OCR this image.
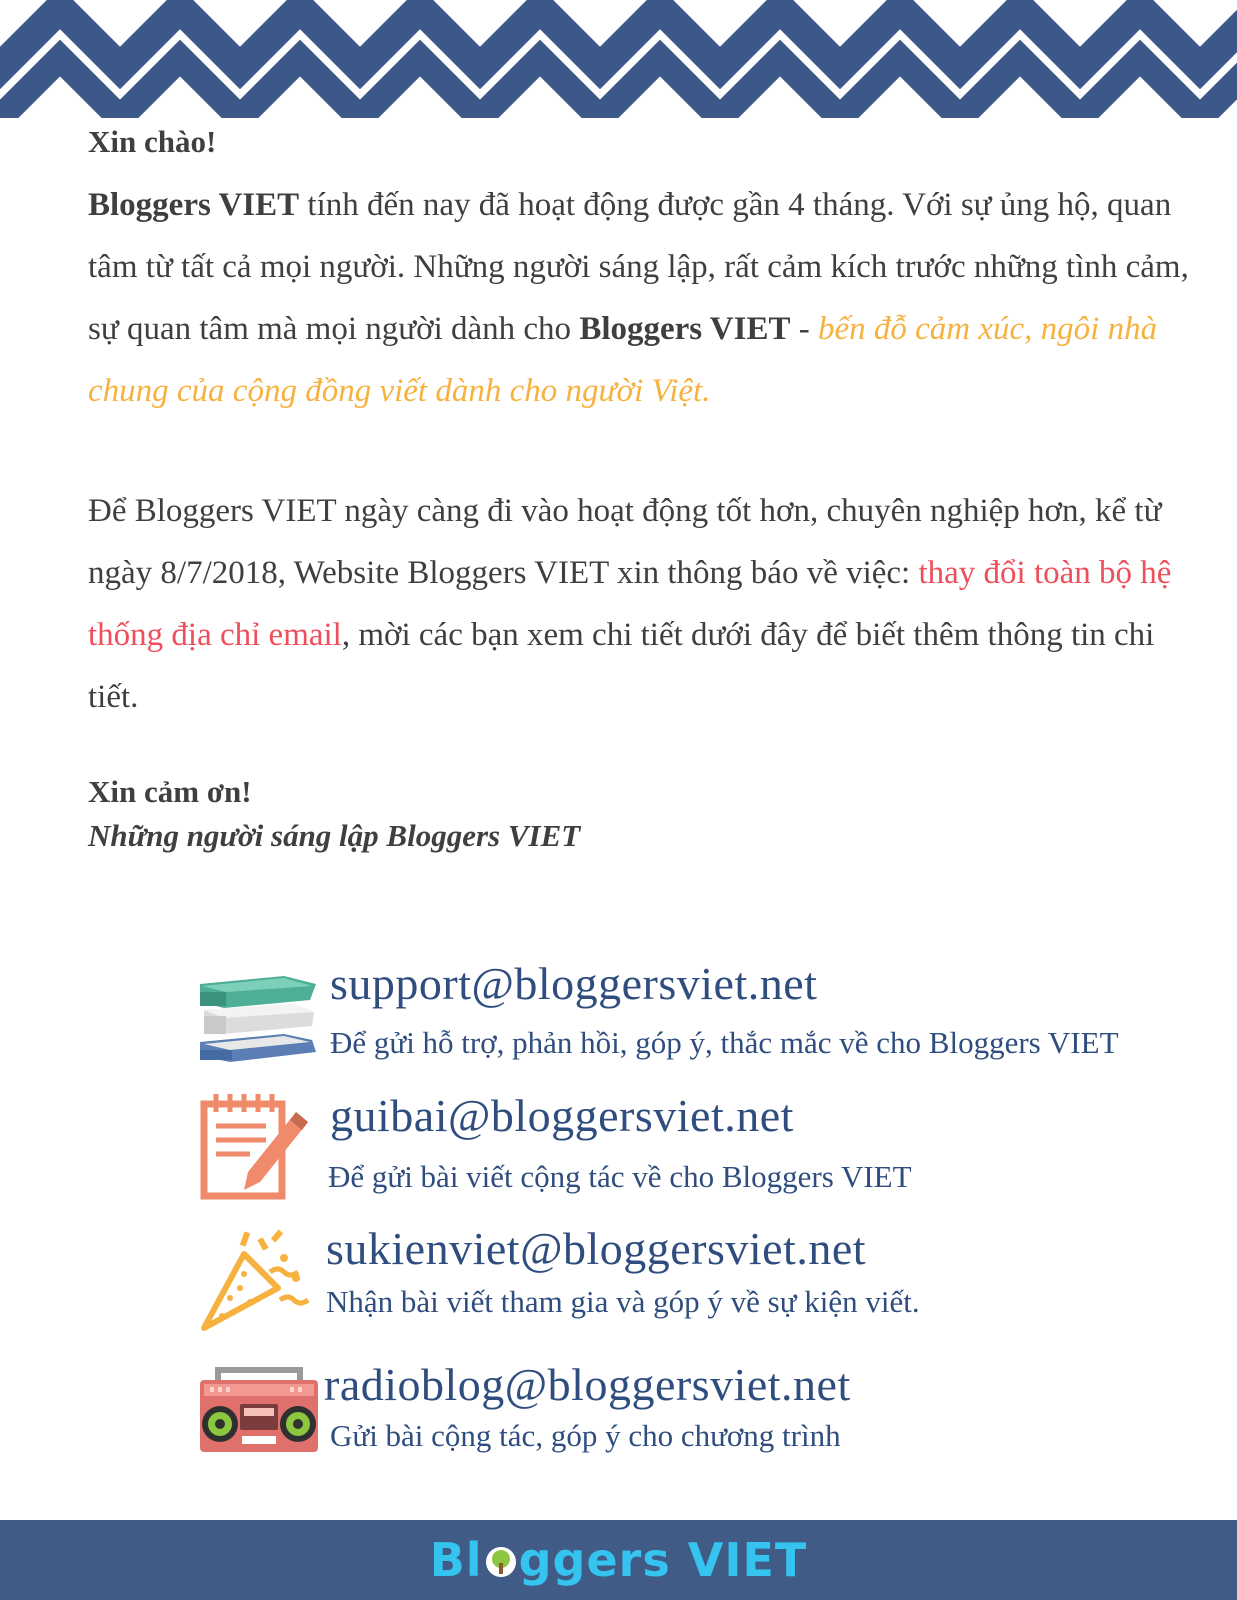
Xin chào!

Bloggers VIET tính đến nay đã hoạt động được gần 4 tháng. Với sự ủng hộ, quan tâm từ tất cả mọi người. Những người sáng lập, rất cảm kích trước những tình cảm, sự quan tâm mà mọi người dành cho Bloggers VIET - bến đỗ cảm xúc, ngôi nhà chung của cộng đồng viết dành cho người Việt.

Để Bloggers VIET ngày càng đi vào hoạt động tốt hơn, chuyên nghiệp hơn, kể từ ngày 8/7/2018, Website Bloggers VIET xin thông báo về việc: thay đổi toàn bộ hệ thống địa chỉ email, mời các bạn xem chi tiết dưới đây để biết thêm thông tin chi tiết.

Xin cảm ơn!

Những người sáng lập Bloggers VIET

support@bloggersviet.net
Để gửi hỗ trợ, phản hồi, góp ý, thắc mắc về cho Bloggers VIET
guibai@bloggersviet.net
Để gửi bài viết cộng tác về cho Bloggers VIET
sukienviet@bloggersviet.net
Nhận bài viết tham gia và góp ý về sự kiện viết.
radioblog@bloggersviet.net
Gửi bài cộng tác, góp ý cho chương trình
Bl ggers VIET
